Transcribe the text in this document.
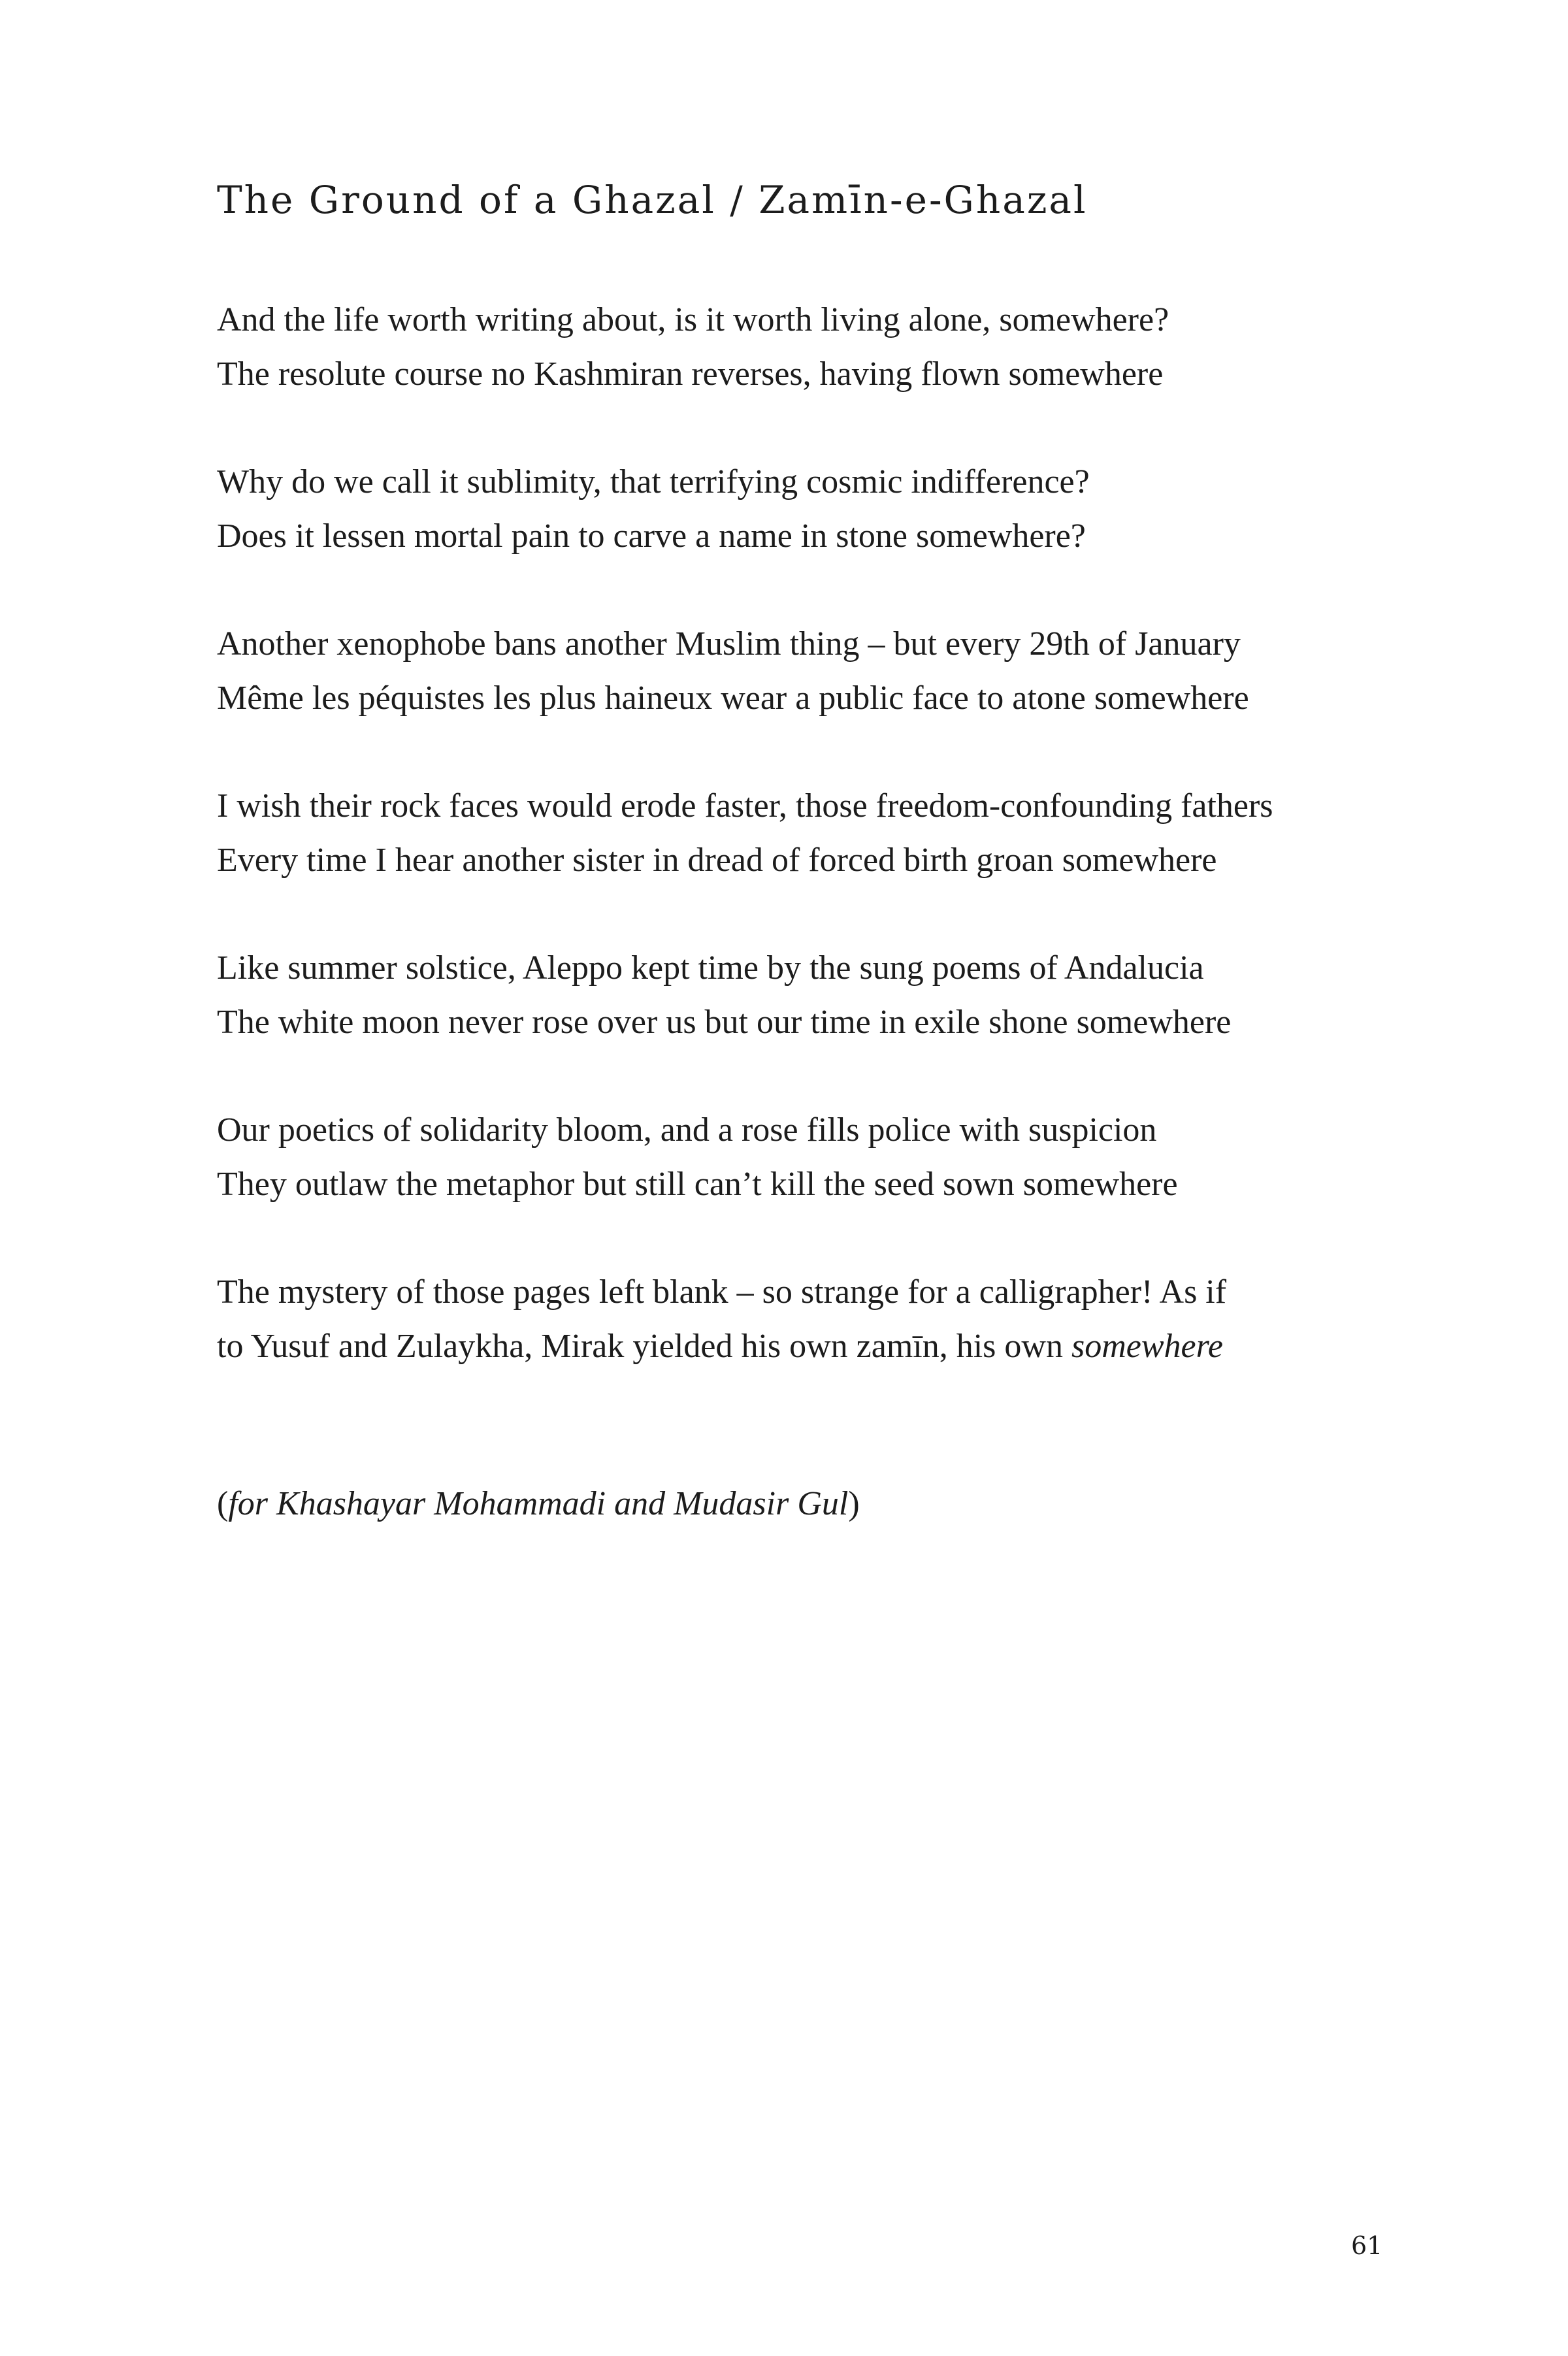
The Ground of a Ghazal / Zamīn-e-Ghazal
And the life worth writing about, is it worth living alone, somewhere?
The resolute course no Kashmiran reverses, having flown somewhere
Why do we call it sublimity, that terrifying cosmic indifference?
Does it lessen mortal pain to carve a name in stone somewhere?
Another xenophobe bans another Muslim thing – but every 29th of January
Même les péquistes les plus haineux wear a public face to atone somewhere
I wish their rock faces would erode faster, those freedom-confounding fathers
Every time I hear another sister in dread of forced birth groan somewhere
Like summer solstice, Aleppo kept time by the sung poems of Andalucia
The white moon never rose over us but our time in exile shone somewhere
Our poetics of solidarity bloom, and a rose fills police with suspicion
They outlaw the metaphor but still can’t kill the seed sown somewhere
The mystery of those pages left blank – so strange for a calligrapher! As if
to Yusuf and Zulaykha, Mirak yielded his own zamīn, his own somewhere

(for Khashayar Mohammadi and Mudasir Gul)

61
